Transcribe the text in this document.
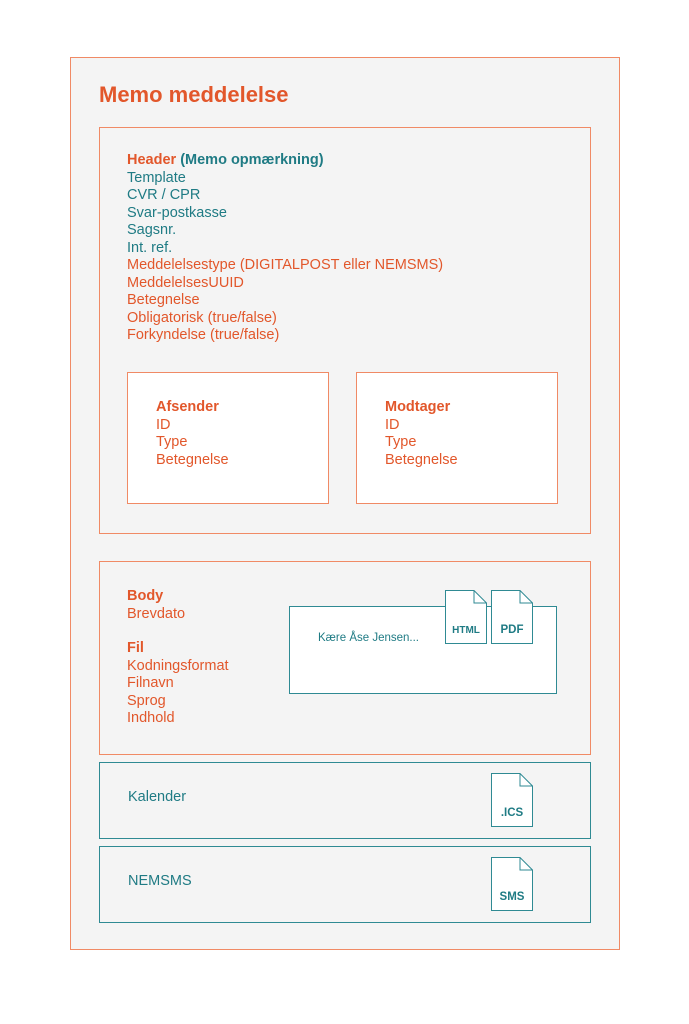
Memo meddelelse
Header (Memo opmærkning)
Template
CVR / CPR
Svar-postkasse
Sagsnr.
Int. ref.
Meddelelsestype (DIGITALPOST eller NEMSMS)
MeddelelsesUUID
Betegnelse
Obligatorisk (true/false)
Forkyndelse (true/false)
Afsender
ID
Type
Betegnelse
Modtager
ID
Type
Betegnelse
Body
Brevdato
Fil
Kodningsformat
Filnavn
Sprog
Indhold
Kære Åse Jensen...
HTML	PDF
Kalender
.ICS
NEMSMS
SMS
